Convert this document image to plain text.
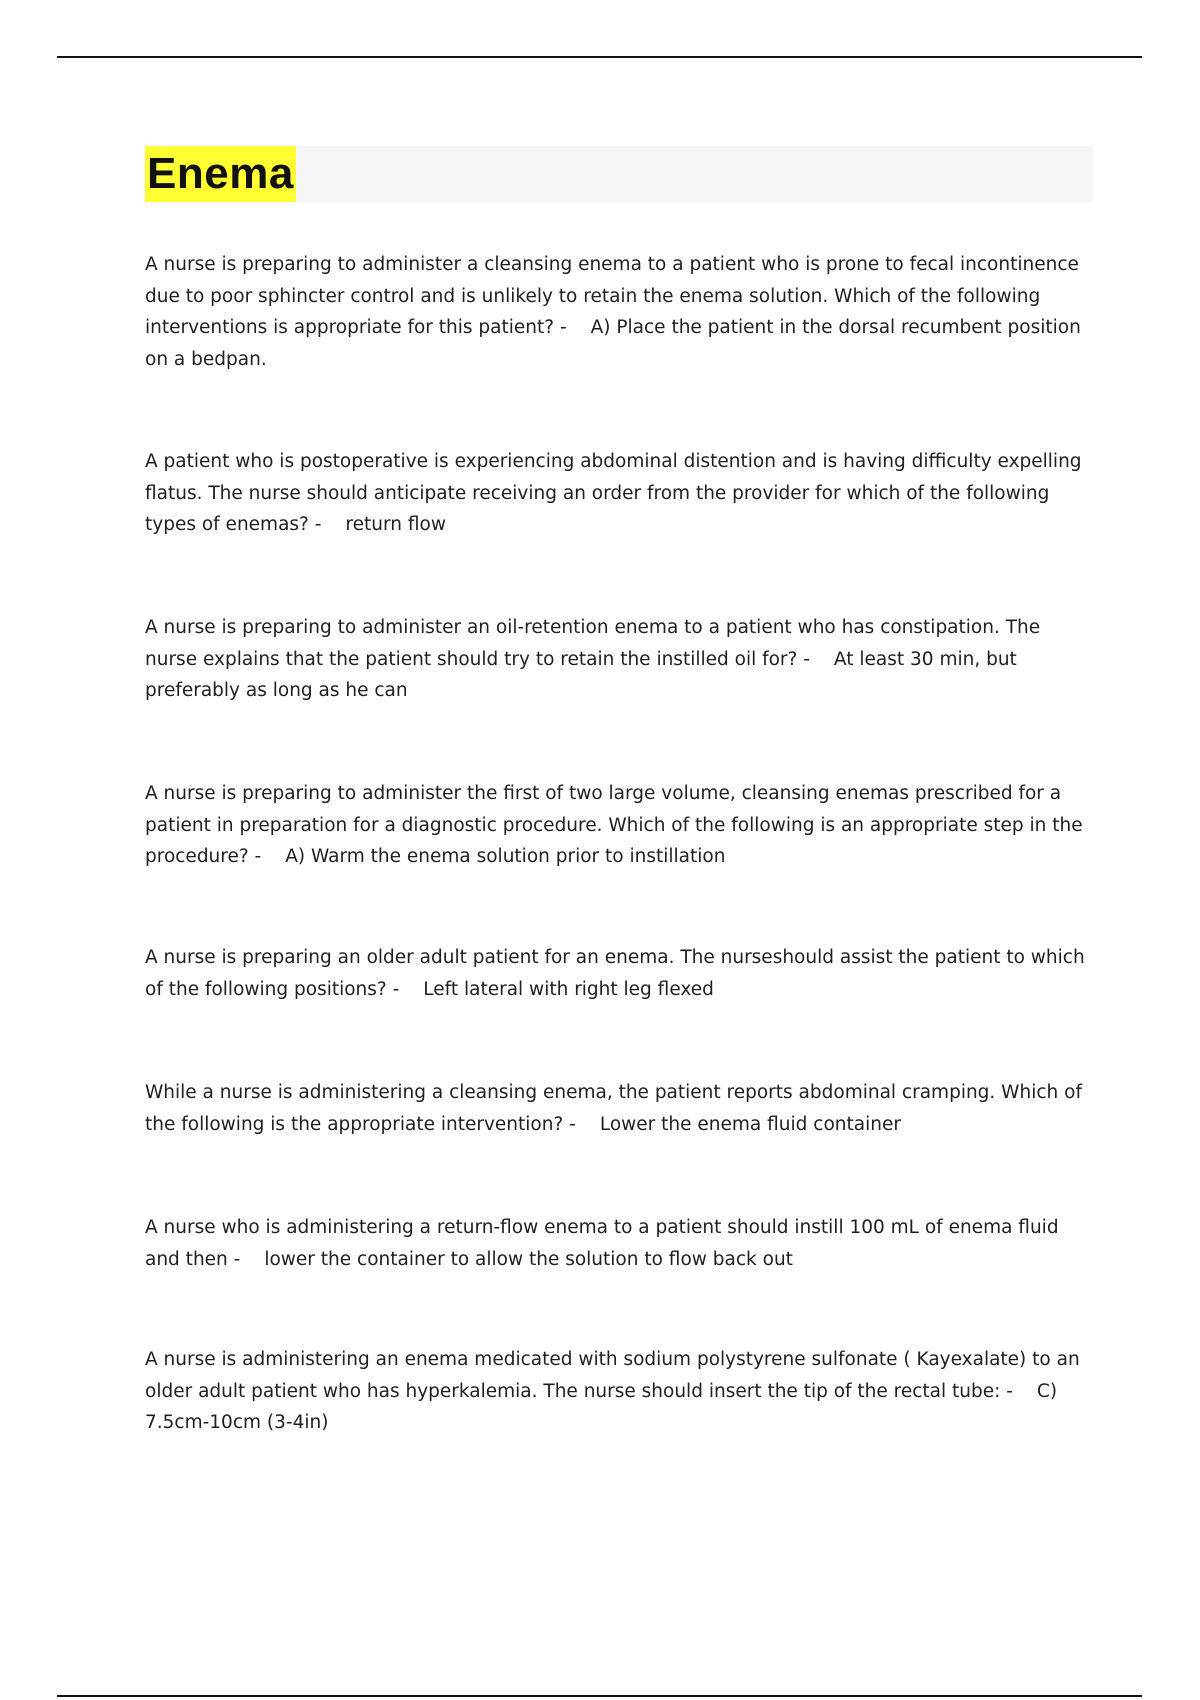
Enema

A nurse is preparing to administer a cleansing enema to a patient who is prone to fecal incontinence due to poor sphincter control and is unlikely to retain the enema solution. Which of the following interventions is appropriate for this patient? - A) Place the patient in the dorsal recumbent position on a bedpan.

A patient who is postoperative is experiencing abdominal distention and is having difficulty expelling flatus. The nurse should anticipate receiving an order from the provider for which of the following types of enemas? - return flow

A nurse is preparing to administer an oil-retention enema to a patient who has constipation. The nurse explains that the patient should try to retain the instilled oil for? - At least 30 min, but preferably as long as he can

A nurse is preparing to administer the first of two large volume, cleansing enemas prescribed for a patient in preparation for a diagnostic procedure. Which of the following is an appropriate step in the procedure? - A) Warm the enema solution prior to instillation

A nurse is preparing an older adult patient for an enema. The nurseshould assist the patient to which of the following positions? - Left lateral with right leg flexed

While a nurse is administering a cleansing enema, the patient reports abdominal cramping. Which of the following is the appropriate intervention? - Lower the enema fluid container

A nurse who is administering a return-flow enema to a patient should instill 100 mL of enema fluid and then - lower the container to allow the solution to flow back out

A nurse is administering an enema medicated with sodium polystyrene sulfonate ( Kayexalate) to an older adult patient who has hyperkalemia. The nurse should insert the tip of the rectal tube: - C) 7.5cm-10cm (3-4in)
